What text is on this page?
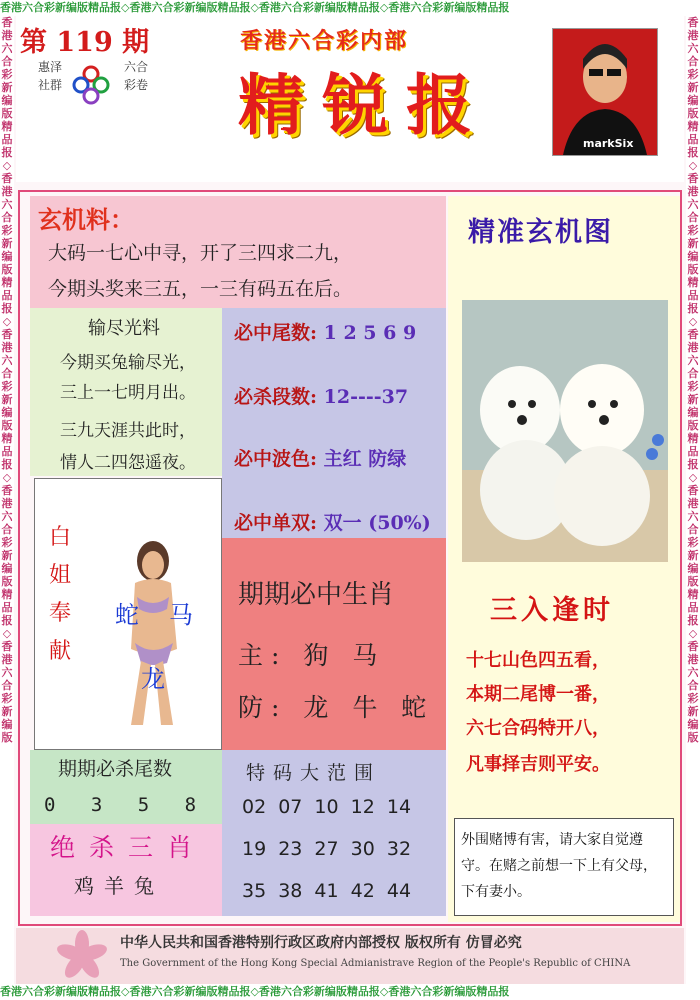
香港六合彩新编版精品报◇香港六合彩新编版精品报◇香港六合彩新编版精品报◇香港六合彩新编版精品报
香港六合彩新编版精品报◇香港六合彩新编版精品报◇香港六合彩新编版精品报◇香港六合彩新编版精品报
香港六合彩新编版精品报◇香港六合彩新编版精品报◇香港六合彩新编版精品报◇香港六合彩新编版精品报◇香港六合彩新编版
香港六合彩新编版精品报◇香港六合彩新编版精品报◇香港六合彩新编版精品报◇香港六合彩新编版精品报◇香港六合彩新编版
第 119 期
惠泽社群
六合彩卷
香港六合彩内部
精锐报	markSix
玄机料：
大码一七心中寻，开了三四求二九，
今期头奖来三五，一三有码五在后。
输尽光料
今期买兔输尽光，
三上一七明月出。
三九天涯共此时，
情人二四怨遥夜。
必中尾数: 1 2 5 6 9
必杀段数: 12----37
必中波色: 主红 防绿
必中单双: 双一 (50%)
白姐奉献
蛇 马
龙
期期必中生肖
主: 狗 马
防: 龙 牛 蛇
期期必杀尾数
0 3 5 8
绝杀三肖
鸡羊兔
特码大范围
02 07 10 12 14
19 23 27 30 32
35 38 41 42 44
精准玄机图
三入逢时
十七山色四五看，
本期二尾博一番，
六七合码特开八，
凡事择吉则平安。
外围赌博有害，请大家自觉遵守。在赌之前想一下上有父母，下有妻小。
中华人民共和国香港特别行政区政府内部授权 版权所有 仿冒必究
The Government of the Hong Kong Special Admianistrave Region of the People's Republic of CHINA
